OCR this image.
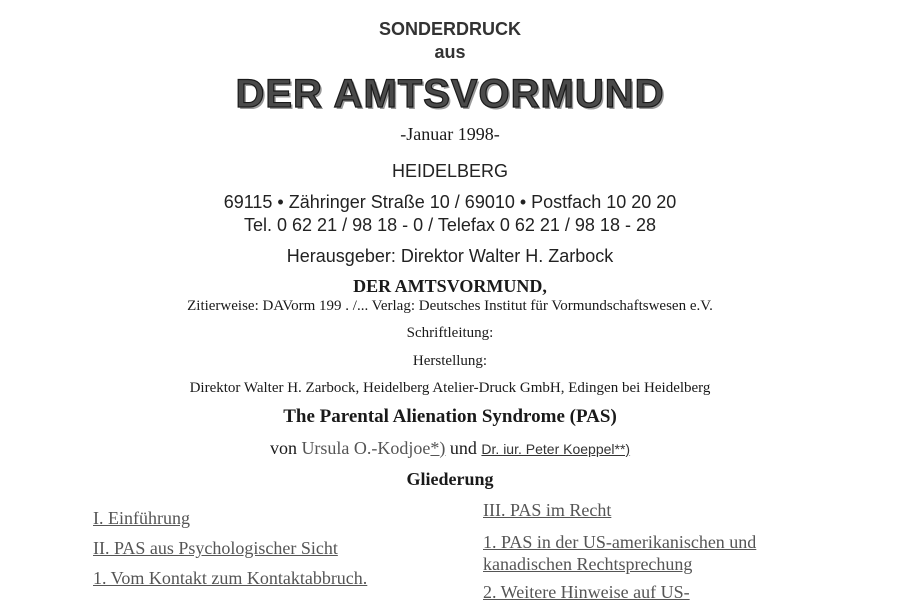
SONDERDRUCK
aus
DER AMTSVORMUND
-Januar 1998-
HEIDELBERG
69115 • Zähringer Straße 10 / 69010 • Postfach 10 20 20
Tel. 0 62 21 / 98 18 - 0 / Telefax 0 62 21 / 98 18 - 28
Herausgeber: Direktor Walter H. Zarbock
DER AMTSVORMUND,
Zitierweise: DAVorm 199 . /... Verlag: Deutsches Institut für Vormundschaftswesen e.V.
Schriftleitung:
Herstellung:
Direktor Walter H. Zarbock, Heidelberg Atelier-Druck GmbH, Edingen bei Heidelberg
The Parental Alienation Syndrome (PAS)
von Ursula O.-Kodjoe*) und Dr. iur. Peter Koeppel**)
Gliederung
I. Einführung
II. PAS aus Psychologischer Sicht
1. Vom Kontakt zum Kontaktabbruch.
III. PAS im Recht
1. PAS in der US-amerikanischen und kanadischen Rechtsprechung
2. Weitere Hinweise auf US-
